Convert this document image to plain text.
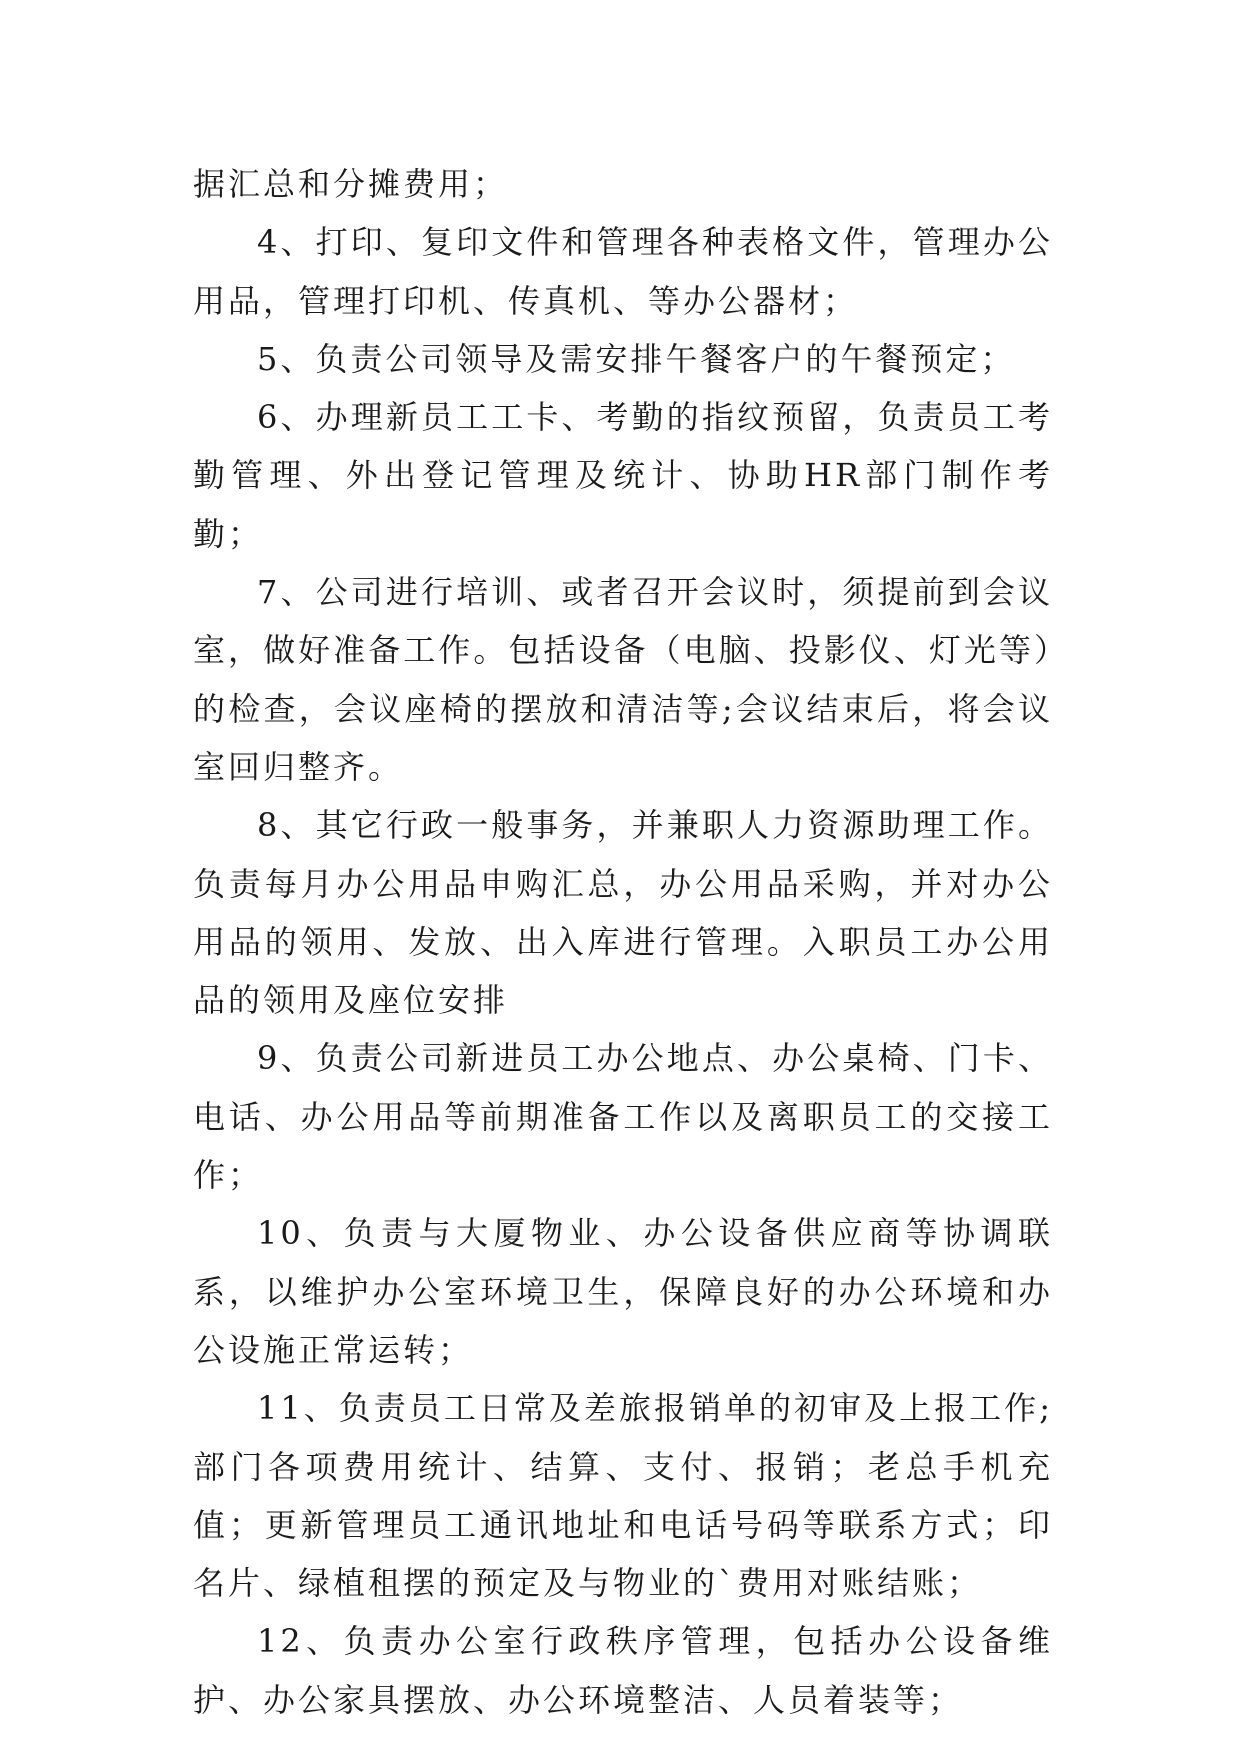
据汇总和分摊费用；

4、打印、复印文件和管理各种表格文件，管理办公用品，管理打印机、传真机、等办公器材；

5、负责公司领导及需安排午餐客户的午餐预定；

6、办理新员工工卡、考勤的指纹预留，负责员工考勤管理、外出登记管理及统计、协助HR部门制作考勤；

7、公司进行培训、或者召开会议时，须提前到会议室，做好准备工作。包括设备（电脑、投影仪、灯光等）的检查，会议座椅的摆放和清洁等;会议结束后，将会议室回归整齐。

8、其它行政一般事务，并兼职人力资源助理工作。负责每月办公用品申购汇总，办公用品采购，并对办公用品的领用、发放、出入库进行管理。入职员工办公用品的领用及座位安排

9、负责公司新进员工办公地点、办公桌椅、门卡、电话、办公用品等前期准备工作以及离职员工的交接工作；

10、负责与大厦物业、办公设备供应商等协调联系，以维护办公室环境卫生，保障良好的办公环境和办公设施正常运转；

11、负责员工日常及差旅报销单的初审及上报工作;部门各项费用统计、结算、支付、报销；老总手机充值；更新管理员工通讯地址和电话号码等联系方式；印名片、绿植租摆的预定及与物业的`费用对账结账；

12、负责办公室行政秩序管理，包括办公设备维护、办公家具摆放、办公环境整洁、人员着装等；
